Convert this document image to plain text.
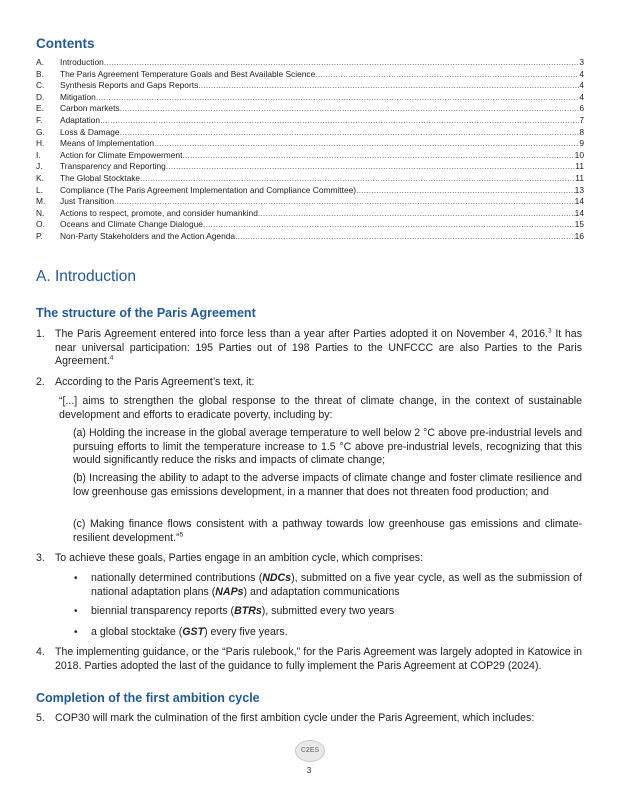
Contents
A.	Introduction .....	3
B.	The Paris Agreement Temperature Goals and Best Available Science .....	4
C.	Synthesis Reports and Gaps Reports .....	4
D.	Mitigation .....	4
E.	Carbon markets .....	6
F.	Adaptation .....	7
G.	Loss & Damage .....	8
H.	Means of Implementation .....	9
I.	Action for Climate Empowerment .....	10
J.	Transparency and Reporting .....	11
K.	The Global Stocktake .....	11
L.	Compliance (The Paris Agreement Implementation and Compliance Committee) .....	13
M.	Just Transition .....	14
N.	Actions to respect, promote, and consider humankind .....	14
O.	Oceans and Climate Change Dialogue .....	15
P.	Non-Party Stakeholders and the Action Agenda .....	16
A. Introduction
The structure of the Paris Agreement
1. The Paris Agreement entered into force less than a year after Parties adopted it on November 4, 2016.$^3$ It has near universal participation: 195 Parties out of 198 Parties to the UNFCCC are also Parties to the Paris Agreement.$^4$
2. According to the Paris Agreement’s text, it:
“[...] aims to strengthen the global response to the threat of climate change, in the context of sustainable development and efforts to eradicate poverty, including by:
(a) Holding the increase in the global average temperature to well below 2 °C above pre-industrial levels and pursuing efforts to limit the temperature increase to 1.5 °C above pre-industrial levels, recognizing that this would significantly reduce the risks and impacts of climate change;
(b) Increasing the ability to adapt to the adverse impacts of climate change and foster climate resilience and low greenhouse gas emissions development, in a manner that does not threaten food production; and
(c) Making finance flows consistent with a pathway towards low greenhouse gas emissions and climate-resilient development.”$^5$
3. To achieve these goals, Parties engage in an ambition cycle, which comprises:
• nationally determined contributions (NDCs), submitted on a five year cycle, as well as the submission of national adaptation plans (NAPs) and adaptation communications
• biennial transparency reports (BTRs), submitted every two years
• a global stocktake (GST) every five years.
4. The implementing guidance, or the “Paris rulebook,” for the Paris Agreement was largely adopted in Katowice in 2018. Parties adopted the last of the guidance to fully implement the Paris Agreement at COP29 (2024).
Completion of the first ambition cycle
5. COP30 will mark the culmination of the first ambition cycle under the Paris Agreement, which includes:
C2ES
3
